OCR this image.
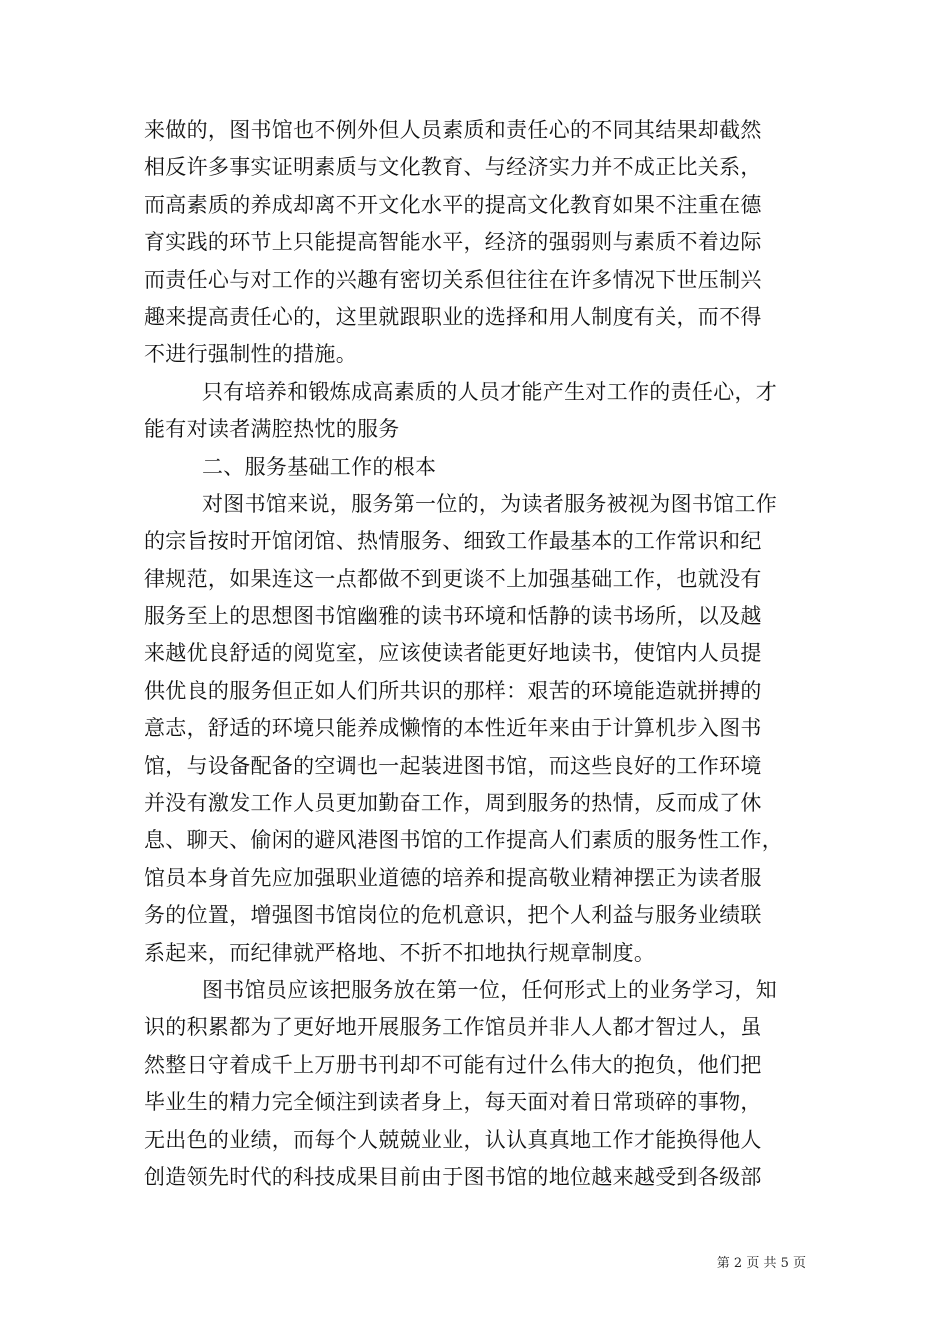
来做的，图书馆也不例外但人员素质和责任心的不同其结果却截然
相反许多事实证明素质与文化教育、与经济实力并不成正比关系，
而高素质的养成却离不开文化水平的提高文化教育如果不注重在德
育实践的环节上只能提高智能水平，经济的强弱则与素质不着边际
而责任心与对工作的兴趣有密切关系但往往在许多情况下世压制兴
趣来提高责任心的，这里就跟职业的选择和用人制度有关，而不得
不进行强制性的措施。
只有培养和锻炼成高素质的人员才能产生对工作的责任心，才
能有对读者满腔热忱的服务
二、服务基础工作的根本
对图书馆来说，服务第一位的，为读者服务被视为图书馆工作
的宗旨按时开馆闭馆、热情服务、细致工作最基本的工作常识和纪
律规范，如果连这一点都做不到更谈不上加强基础工作，也就没有
服务至上的思想图书馆幽雅的读书环境和恬静的读书场所，以及越
来越优良舒适的阅览室，应该使读者能更好地读书，使馆内人员提
供优良的服务但正如人们所共识的那样：艰苦的环境能造就拼搏的
意志，舒适的环境只能养成懒惰的本性近年来由于计算机步入图书
馆，与设备配备的空调也一起装进图书馆，而这些良好的工作环境
并没有激发工作人员更加勤奋工作，周到服务的热情，反而成了休
息、聊天、偷闲的避风港图书馆的工作提高人们素质的服务性工作，
馆员本身首先应加强职业道德的培养和提高敬业精神摆正为读者服
务的位置，增强图书馆岗位的危机意识，把个人利益与服务业绩联
系起来，而纪律就严格地、不折不扣地执行规章制度。
图书馆员应该把服务放在第一位，任何形式上的业务学习，知
识的积累都为了更好地开展服务工作馆员并非人人都才智过人，虽
然整日守着成千上万册书刊却不可能有过什么伟大的抱负，他们把
毕业生的精力完全倾注到读者身上，每天面对着日常琐碎的事物，
无出色的业绩，而每个人兢兢业业，认认真真地工作才能换得他人
创造领先时代的科技成果目前由于图书馆的地位越来越受到各级部
第 2 页 共 5 页
